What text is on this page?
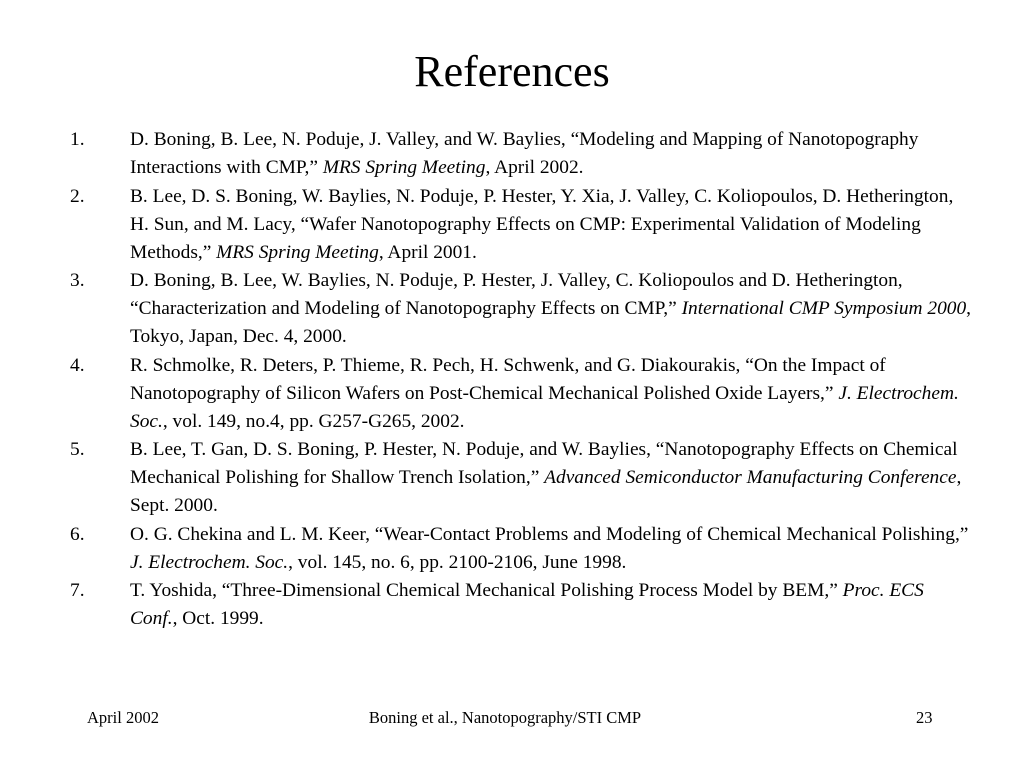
References
1.	D. Boning, B. Lee, N. Poduje, J. Valley, and W. Baylies, “Modeling and Mapping of Nanotopography Interactions with CMP,” MRS Spring Meeting, April 2002.
2.	B. Lee, D. S. Boning, W. Baylies, N. Poduje, P. Hester, Y. Xia, J. Valley, C. Koliopoulos, D. Hetherington, H. Sun, and M. Lacy, “Wafer Nanotopography Effects on CMP: Experimental Validation of Modeling Methods,” MRS Spring Meeting, April 2001.
3.	D. Boning, B. Lee, W. Baylies, N. Poduje, P. Hester, J. Valley, C. Koliopoulos and D. Hetherington, “Characterization and Modeling of Nanotopography Effects on CMP,” International CMP Symposium 2000, Tokyo, Japan, Dec. 4, 2000.
4.	R. Schmolke, R. Deters, P. Thieme, R. Pech, H. Schwenk, and G. Diakourakis, “On the Impact of Nanotopography of Silicon Wafers on Post-Chemical Mechanical Polished Oxide Layers,” J. Electrochem. Soc., vol. 149, no.4, pp. G257-G265, 2002.
5.	B. Lee, T. Gan, D. S. Boning, P. Hester, N. Poduje, and W. Baylies, “Nanotopography Effects on Chemical Mechanical Polishing for Shallow Trench Isolation,” Advanced Semiconductor Manufacturing Conference, Sept. 2000.
6.	O. G. Chekina and L. M. Keer, “Wear-Contact Problems and Modeling of Chemical Mechanical Polishing,” J. Electrochem. Soc., vol. 145, no. 6, pp. 2100-2106, June 1998.
7.	T. Yoshida, “Three-Dimensional Chemical Mechanical Polishing Process Model by BEM,” Proc. ECS Conf., Oct. 1999.
April 2002	Boning et al., Nanotopography/STI CMP	23
